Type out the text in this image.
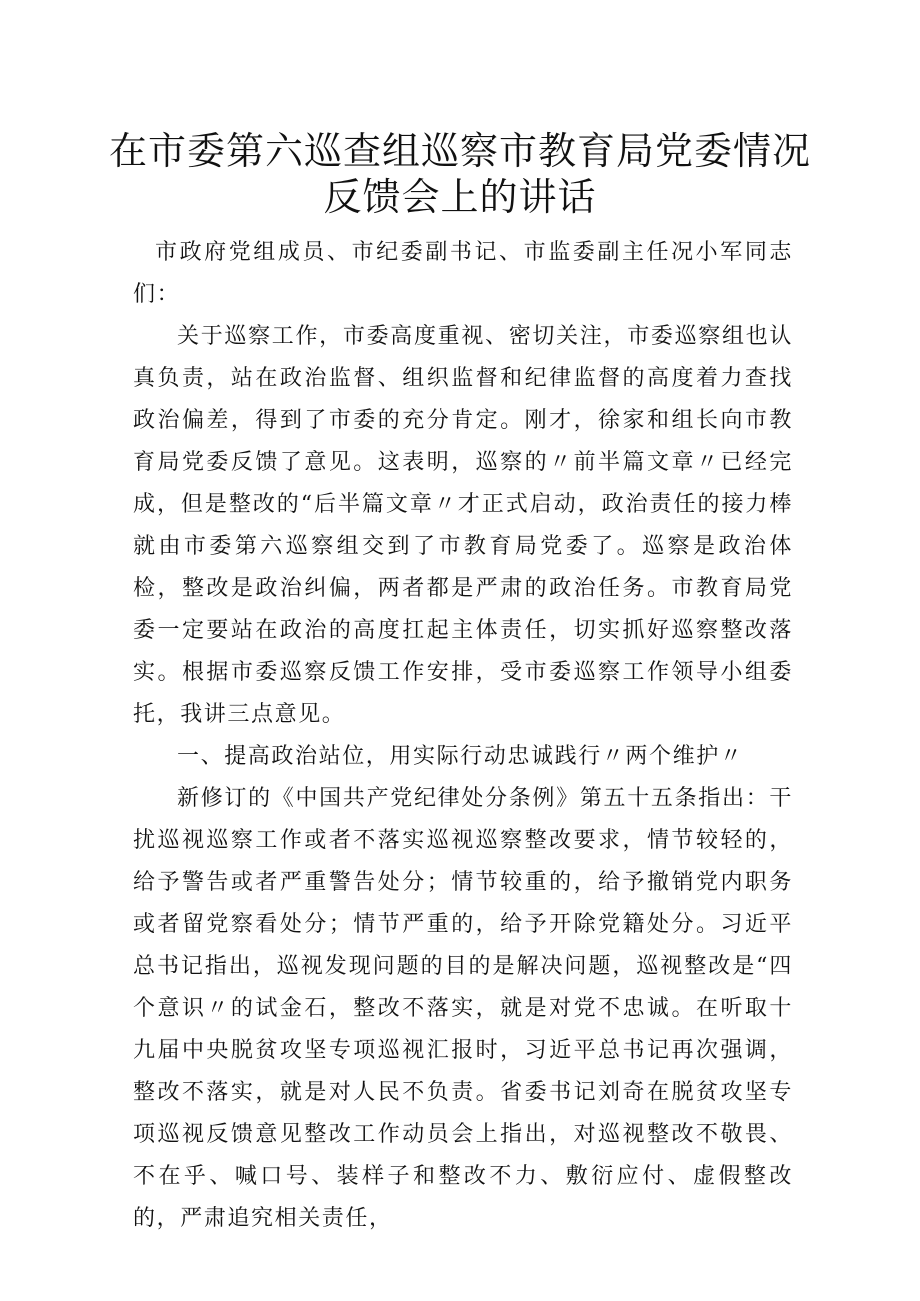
在市委第六巡查组巡察市教育局党委情况反馈会上的讲话

市政府党组成员、市纪委副书记、市监委副主任况小军同志们：

关于巡察工作，市委高度重视、密切关注，市委巡察组也认真负责，站在政治监督、组织监督和纪律监督的高度着力查找政治偏差，得到了市委的充分肯定。刚才，徐家和组长向市教育局党委反馈了意见。这表明，巡察的〃前半篇文章〃已经完成，但是整改的“后半篇文章〃才正式启动，政治责任的接力棒就由市委第六巡察组交到了市教育局党委了。巡察是政治体检，整改是政治纠偏，两者都是严肃的政治任务。市教育局党委一定要站在政治的高度扛起主体责任，切实抓好巡察整改落实。根据市委巡察反馈工作安排，受市委巡察工作领导小组委托，我讲三点意见。

一、提高政治站位，用实际行动忠诚践行〃两个维护〃

新修订的《中国共产党纪律处分条例》第五十五条指出：干扰巡视巡察工作或者不落实巡视巡察整改要求，情节较轻的，给予警告或者严重警告处分；情节较重的，给予撤销党内职务或者留党察看处分；情节严重的，给予开除党籍处分。习近平总书记指出，巡视发现问题的目的是解决问题，巡视整改是“四个意识〃的试金石，整改不落实，就是对党不忠诚。在听取十九届中央脱贫攻坚专项巡视汇报时，习近平总书记再次强调，整改不落实，就是对人民不负责。省委书记刘奇在脱贫攻坚专项巡视反馈意见整改工作动员会上指出，对巡视整改不敬畏、不在乎、喊口号、装样子和整改不力、敷衍应付、虚假整改的，严肃追究相关责任，
